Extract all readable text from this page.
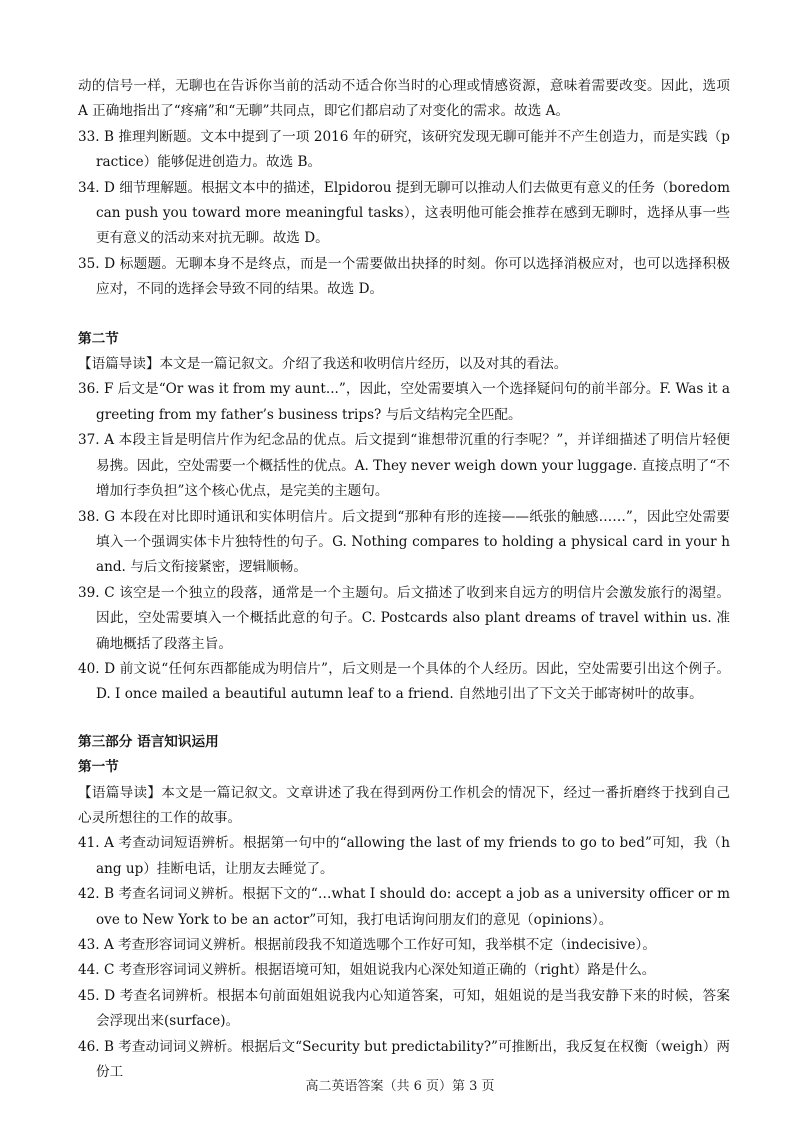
动的信号一样，无聊也在告诉你当前的活动不适合你当时的心理或情感资源，意味着需要改变。因此，选项 A 正确地指出了“疼痛”和“无聊”共同点，即它们都启动了对变化的需求。故选 A。

33. B 推理判断题。文本中提到了一项 2016 年的研究，该研究发现无聊可能并不产生创造力，而是实践（practice）能够促进创造力。故选 B。

34. D 细节理解题。根据文本中的描述，Elpidorou 提到无聊可以推动人们去做更有意义的任务（boredom can push you toward more meaningful tasks），这表明他可能会推荐在感到无聊时，选择从事一些更有意义的活动来对抗无聊。故选 D。

35. D 标题题。无聊本身不是终点，而是一个需要做出抉择的时刻。你可以选择消极应对，也可以选择积极应对，不同的选择会导致不同的结果。故选 D。

第二节

【语篇导读】本文是一篇记叙文。介绍了我送和收明信片经历，以及对其的看法。

36. F 后文是“Or was it from my aunt...”，因此，空处需要填入一个选择疑问句的前半部分。F. Was it a greeting from my father’s business trips? 与后文结构完全匹配。

37. A 本段主旨是明信片作为纪念品的优点。后文提到“谁想带沉重的行李呢？”，并详细描述了明信片轻便易携。因此，空处需要一个概括性的优点。A. They never weigh down your luggage. 直接点明了“不增加行李负担”这个核心优点，是完美的主题句。

38. G 本段在对比即时通讯和实体明信片。后文提到“那种有形的连接——纸张的触感……”，因此空处需要填入一个强调实体卡片独特性的句子。G. Nothing compares to holding a physical card in your hand. 与后文衔接紧密，逻辑顺畅。

39. C 该空是一个独立的段落，通常是一个主题句。后文描述了收到来自远方的明信片会激发旅行的渴望。因此，空处需要填入一个概括此意的句子。C. Postcards also plant dreams of travel within us. 准确地概括了段落主旨。

40. D 前文说“任何东西都能成为明信片”，后文则是一个具体的个人经历。因此，空处需要引出这个例子。D. I once mailed a beautiful autumn leaf to a friend. 自然地引出了下文关于邮寄树叶的故事。

第三部分 语言知识运用

第一节

【语篇导读】本文是一篇记叙文。文章讲述了我在得到两份工作机会的情况下，经过一番折磨终于找到自己心灵所想往的工作的故事。

41. A 考查动词短语辨析。根据第一句中的“allowing the last of my friends to go to bed”可知，我（hang up）挂断电话，让朋友去睡觉了。

42. B 考查名词词义辨析。根据下文的“…what I should do: accept a job as a university officer or move to New York to be an actor”可知，我打电话询问朋友们的意见（opinions）。

43. A 考查形容词词义辨析。根据前段我不知道选哪个工作好可知，我举棋不定（indecisive）。

44. C 考查形容词词义辨析。根据语境可知，姐姐说我内心深处知道正确的（right）路是什么。

45. D 考查名词辨析。根据本句前面姐姐说我内心知道答案，可知，姐姐说的是当我安静下来的时候，答案会浮现出来(surface)。

46. B 考查动词词义辨析。根据后文“Security but predictability?”可推断出，我反复在权衡（weigh）两份工

高二英语答案（共 6 页）第 3 页
